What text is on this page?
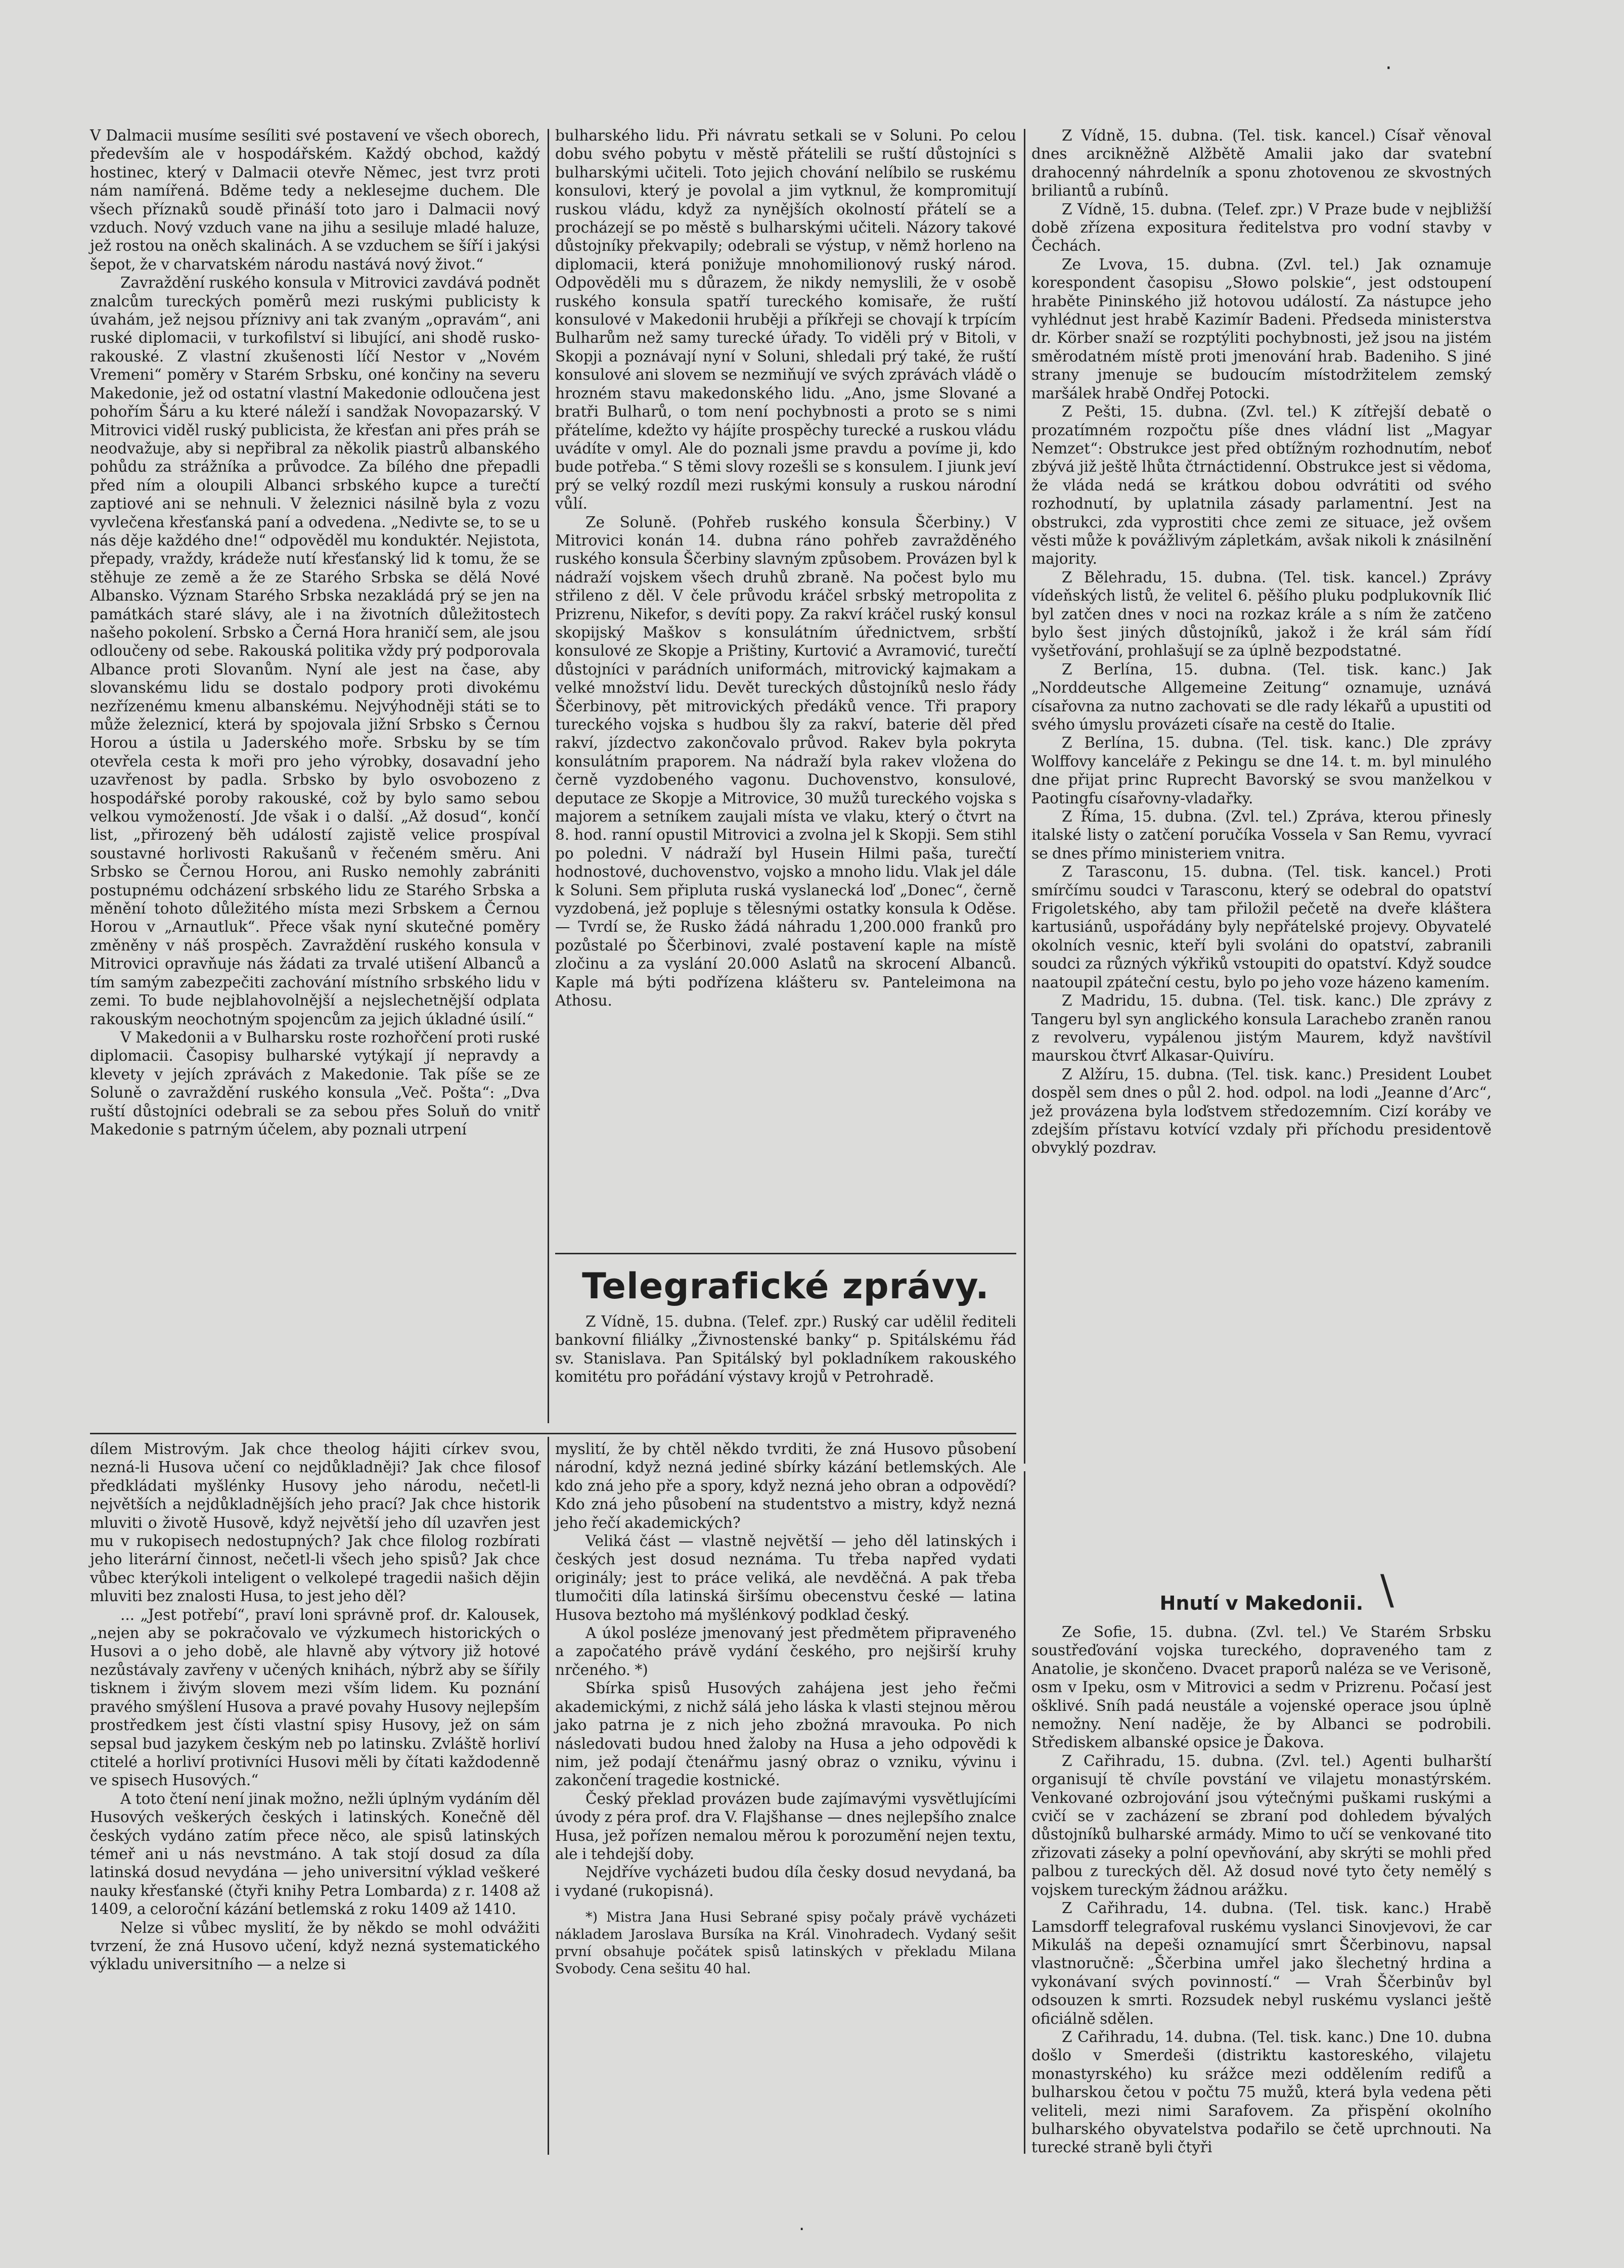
·

V Dalmacii musíme sesíliti své postavení ve všech oborech, především ale v hospodářském. Každý obchod, každý hostinec, který v Dalmacii otevře Němec, jest tvrz proti nám namířená. Bděme tedy a neklesejme duchem. Dle všech příznaků soudě přináší toto jaro i Dalmacii nový vzduch. Nový vzduch vane na jihu a sesiluje mladé haluze, jež rostou na oněch skalinách. A se vzduchem se šíří i jakýsi šepot, že v charvatském národu nastává nový život.“

Zavraždění ruského konsula v Mitrovici zavdává podnět znalcům tureckých poměrů mezi ruskými publicisty k úvahám, jež nejsou příznivy ani tak zvaným „opravám“, ani ruské diplomacii, v turkofilství si libující, ani shodě rusko-rakouské. Z vlastní zkušenosti líčí Nestor v „Novém Vremeni“ poměry v Starém Srbsku, oné končiny na severu Makedonie, jež od ostatní vlastní Makedonie odloučena jest pohořím Šáru a ku které náleží i sandžak Novopazarský. V Mitrovici viděl ruský publicista, že křesťan ani přes práh se neodvažuje, aby si nepřibral za několik piastrů albanského pohůdu za strážníka a průvodce. Za bílého dne přepadli před ním a oloupili Albanci srbského kupce a turečtí zaptiové ani se nehnuli. V železnici násilně byla z vozu vyvlečena křesťanská paní a odvedena. „Nedivte se, to se u nás děje každého dne!“ odpověděl mu konduktér. Nejistota, přepady, vraždy, krádeže nutí křesťanský lid k tomu, že se stěhuje ze země a že ze Starého Srbska se dělá Nové Albansko. Význam Starého Srbska nezakládá prý se jen na památkách staré slávy, ale i na životních důležitostech našeho pokolení. Srbsko a Černá Hora hraničí sem, ale jsou odloučeny od sebe. Rakouská politika vždy prý podporovala Albance proti Slovanům. Nyní ale jest na čase, aby slovanskému lidu se dostalo podpory proti divokému nezřízenému kmenu albanskému. Nejvýhodněji státi se to může železnicí, která by spojovala jižní Srbsko s Černou Horou a ústila u Jaderského moře. Srbsku by se tím otevřela cesta k moři pro jeho výrobky, dosavadní jeho uzavřenost by padla. Srbsko by bylo osvobozeno z hospodářské poroby rakouské, což by bylo samo sebou velkou vymožeností. Jde však i o další. „Až dosud“, končí list, „přirozený běh událostí zajistě velice prospíval soustavné horlivosti Rakušanů v řečeném směru. Ani Srbsko se Černou Horou, ani Rusko nemohly zabrániti postupnému odcházení srbského lidu ze Starého Srbska a měnění tohoto důležitého místa mezi Srbskem a Černou Horou v „Arnautluk“. Přece však nyní skutečné poměry změněny v náš prospěch. Zavraždění ruského konsula v Mitrovici opravňuje nás žádati za trvalé utišení Albanců a tím samým zabezpečiti zachování místního srbského lidu v zemi. To bude nejblahovolnější a nejslechetnější odplata rakouským neochotným spojencům za jejich úkladné úsilí.“

V Makedonii a v Bulharsku roste rozhořčení proti ruské diplomacii. Časopisy bulharské vytýkají jí nepravdy a klevety v jejích zprávách z Makedonie. Tak píše se ze Soluně o zavraždění ruského konsula „Več. Pošta“: „Dva ruští důstojníci odebrali se za sebou přes Soluň do vnitř Makedonie s patrným účelem, aby poznali utrpení

bulharského lidu. Při návratu setkali se v Soluni. Po celou dobu svého pobytu v městě přátelili se ruští důstojníci s bulharskými učiteli. Toto jejich chování nelíbilo se ruskému konsulovi, který je povolal a jim vytknul, že kompromitují ruskou vládu, když za nynějších okolností přátelí se a procházejí se po městě s bulharskými učiteli. Názory takové důstojníky překvapily; odebrali se výstup, v němž horleno na diplomacii, která ponižuje mnohomilionový ruský národ. Odpověděli mu s důrazem, že nikdy nemyslili, že v osobě ruského konsula spatří tureckého komisaře, že ruští konsulové v Makedonii hruběji a příkřeji se chovají k trpícím Bulharům než samy turecké úřady. To viděli prý v Bitoli, v Skopji a poznávají nyní v Soluni, shledali prý také, že ruští konsulové ani slovem se nezmiňují ve svých zprávách vládě o hrozném stavu makedonského lidu. „Ano, jsme Slované a bratři Bulharů, o tom není pochybnosti a proto se s nimi přátelíme, kdežto vy hájíte prospěchy turecké a ruskou vládu uvádíte v omyl. Ale do poznali jsme pravdu a povíme ji, kdo bude potřeba.“ S těmi slovy rozešli se s konsulem. I jiunk jeví prý se velký rozdíl mezi ruskými konsuly a ruskou národní vůlí.

Ze Soluně. (Pohřeb ruského konsula Ščerbiny.) V Mitrovici konán 14. dubna ráno pohřeb zavražděného ruského konsula Ščerbiny slavným způsobem. Provázen byl k nádraží vojskem všech druhů zbraně. Na počest bylo mu střileno z děl. V čele průvodu kráčel srbský metropolita z Prizrenu, Nikefor, s devíti popy. Za rakví kráčel ruský konsul skopijský Maškov s konsulátním úřednictvem, srbští konsulové ze Skopje a Prištiny, Kurtović a Avramović, turečtí důstojníci v parádních uniformách, mitrovický kajmakam a velké množství lidu. Devět tureckých důstojníků neslo řády Ščerbinovy, pět mitrovických předáků vence. Tři prapory tureckého vojska s hudbou šly za rakví, baterie děl před rakví, jízdectvo zakončovalo průvod. Rakev byla pokryta konsulátním praporem. Na nádraží byla rakev vložena do černě vyzdobeného vagonu. Duchovenstvo, konsulové, deputace ze Skopje a Mitrovice, 30 mužů tureckého vojska s majorem a setníkem zaujali místa ve vlaku, který o čtvrt na 8. hod. ranní opustil Mitrovici a zvolna jel k Skopji. Sem stihl po poledni. V nádraží byl Husein Hilmi paša, turečtí hodnostové, duchovenstvo, vojsko a mnoho lidu. Vlak jel dále k Soluni. Sem připluta ruská vyslanecká loď „Donec“, černě vyzdobená, jež popluje s tělesnými ostatky konsula k Oděse. — Tvrdí se, že Rusko žádá náhradu 1,200.000 franků pro pozůstalé po Ščerbinovi, zvalé postavení kaple na místě zločinu a za vyslání 20.000 Aslatů na skrocení Albanců. Kaple má býti podřízena klášteru sv. Panteleimona na Athosu.

Telegrafické zprávy.

Z Vídně, 15. dubna. (Telef. zpr.) Ruský car udělil řediteli bankovní filiálky „Živnostenské banky“ p. Spitálskému řád sv. Stanislava. Pan Spitálský byl pokladníkem rakouského komitétu pro pořádání výstavy krojů v Petrohradě.

Z Vídně, 15. dubna. (Tel. tisk. kancel.) Císař věnoval dnes arcikněžně Alžbětě Amalii jako dar svatební drahocenný náhrdelník a sponu zhotovenou ze skvostných briliantů a rubínů.

Z Vídně, 15. dubna. (Telef. zpr.) V Praze bude v nejbližší době zřízena expositura ředitelstva pro vodní stavby v Čechách.

Ze Lvova, 15. dubna. (Zvl. tel.) Jak oznamuje korespondent časopisu „Słowo polskie“, jest odstoupení hraběte Pininského již hotovou událostí. Za nástupce jeho vyhlédnut jest hrabě Kazimír Badeni. Předseda ministerstva dr. Körber snaží se rozptýliti pochybnosti, jež jsou na jistém směrodatném místě proti jmenování hrab. Badeniho. S jiné strany jmenuje se budoucím místodržitelem zemský maršálek hrabě Ondřej Potocki.

Z Pešti, 15. dubna. (Zvl. tel.) K zítřejší debatě o prozatímném rozpočtu píše dnes vládní list „Magyar Nemzet“: Obstrukce jest před obtížným rozhodnutím, neboť zbývá již ještě lhůta čtrnáctidenní. Obstrukce jest si vědoma, že vláda nedá se krátkou dobou odvrátiti od svého rozhodnutí, by uplatnila zásady parlamentní. Jest na obstrukci, zda vyprostiti chce zemi ze situace, jež ovšem věsti může k povážlivým zápletkám, avšak nikoli k znásilnění majority.

Z Bělehradu, 15. dubna. (Tel. tisk. kancel.) Zprávy vídeňských listů, že velitel 6. pěšího pluku podplukovník Ilić byl zatčen dnes v noci na rozkaz krále a s ním že zatčeno bylo šest jiných důstojníků, jakož i že král sám řídí vyšetřování, prohlašují se za úplně bezpodstatné.

Z Berlína, 15. dubna. (Tel. tisk. kanc.) Jak „Norddeutsche Allgemeine Zeitung“ oznamuje, uznává císařovna za nutno zachovati se dle rady lékařů a upustiti od svého úmyslu provázeti císaře na cestě do Italie.

Z Berlína, 15. dubna. (Tel. tisk. kanc.) Dle zprávy Wolffovy kanceláře z Pekingu se dne 14. t. m. byl minulého dne přijat princ Ruprecht Bavorský se svou manželkou v Paotingfu císařovny-vladařky.

Z Říma, 15. dubna. (Zvl. tel.) Zpráva, kterou přinesly italské listy o zatčení poručíka Vossela v San Remu, vyvrací se dnes přímo ministeriem vnitra.

Z Tarasconu, 15. dubna. (Tel. tisk. kancel.) Proti smírčímu soudci v Tarasconu, který se odebral do opatství Frigoletského, aby tam přiložil pečetě na dveře kláštera kartusiánů, uspořádány byly nepřátelské projevy. Obyvatelé okolních vesnic, kteří byli svoláni do opatství, zabranili soudci za různých výkřiků vstoupiti do opatství. Když soudce naatoupil zpáteční cestu, bylo po jeho voze házeno kamením.

Z Madridu, 15. dubna. (Tel. tisk. kanc.) Dle zprávy z Tangeru byl syn anglického konsula Larachebo zraněn ranou z revolveru, vypálenou jistým Maurem, když navštívil maurskou čtvrť Alkasar-Quivíru.

Z Alžíru, 15. dubna. (Tel. tisk. kanc.) President Loubet dospěl sem dnes o půl 2. hod. odpol. na lodi „Jeanne d’Arc“, jež provázena byla loďstvem středozemním. Cizí koráby ve zdejším přístavu kotvící vzdaly při příchodu presidentově obvyklý pozdrav.

Hnutí v Makedonii. \

Ze Sofie, 15. dubna. (Zvl. tel.) Ve Starém Srbsku soustřeďování vojska tureckého, dopraveného tam z Anatolie, je skončeno. Dvacet praporů naléza se ve Verisoně, osm v Ipeku, osm v Mitrovici a sedm v Prizrenu. Počasí jest ošklivé. Sníh padá neustále a vojenské operace jsou úplně nemožny. Není naděje, že by Albanci se podrobili. Střediskem albanské opsice je Ďakova.

Z Cařihradu, 15. dubna. (Zvl. tel.) Agenti bulharští organisují tě chvíle povstání ve vilajetu monastýrském. Venkované ozbrojování jsou výtečnými puškami ruskými a cvičí se v zacházení se zbraní pod dohledem bývalých důstojníků bulharské armády. Mimo to učí se venkované tito zřizovati záseky a polní opevňování, aby skrýti se mohli před palbou z tureckých děl. Až dosud nové tyto čety nemělý s vojskem tureckým žádnou arážku.

Z Cařihradu, 14. dubna. (Tel. tisk. kanc.) Hrabě Lamsdorff telegrafoval ruskému vyslanci Sinovjevovi, že car Mikuláš na depeši oznamující smrt Ščerbinovu, napsal vlastnoručně: „Ščerbina umřel jako šlechetný hrdina a vykonávaní svých povinností.“ — Vrah Ščerbinův byl odsouzen k smrti. Rozsudek nebyl ruskému vyslanci ještě oficiálně sdělen.

Z Cařihradu, 14. dubna. (Tel. tisk. kanc.) Dne 10. dubna došlo v Smerdeši (distriktu kastoreského, vilajetu monastyrského) ku srážce mezi oddělením redifů a bulharskou četou v počtu 75 mužů, která byla vedena pěti veliteli, mezi nimi Sarafovem. Za přispění okolního bulharského obyvatelstva podařilo se četě uprchnouti. Na turecké straně byli čtyři

dílem Mistrovým. Jak chce theolog hájiti církev svou, nezná-li Husova učení co nejdůkladněji? Jak chce filosof předkládati myšlénky Husovy jeho národu, nečetl-li největších a nejdůkladnějších jeho prací? Jak chce historik mluviti o životě Husově, když největší jeho díl uzavřen jest mu v rukopisech nedostupných? Jak chce filolog rozbírati jeho literární činnost, nečetl-li všech jeho spisů? Jak chce vůbec kterýkoli inteligent o velkolepé tragedii našich dějin mluviti bez znalosti Husa, to jest jeho děl?

... „Jest potřebí“, praví loni správně prof. dr. Kalousek, „nejen aby se pokračovalo ve výzkumech historických o Husovi a o jeho době, ale hlavně aby výtvory již hotové nezůstávaly zavřeny v učených knihách, nýbrž aby se šířily tisknem i živým slovem mezi vším lidem. Ku poznání pravého smýšlení Husova a pravé povahy Husovy nejlepším prostředkem jest čísti vlastní spisy Husovy, jež on sám sepsal bud jazykem českým neb po latinsku. Zvláště horliví ctitelé a horliví protivníci Husovi měli by čítati každodenně ve spisech Husových.“

A toto čtení není jinak možno, nežli úplným vydáním děl Husových veškerých českých i latinských. Konečně děl českých vydáno zatím přece něco, ale spisů latinských témeř ani u nás nevstmáno. A tak stojí dosud za díla latinská dosud nevydána — jeho universitní výklad veškeré nauky křesťanské (čtyři knihy Petra Lombarda) z r. 1408 až 1409, a celoroční kázání betlemská z roku 1409 až 1410.

Nelze si vůbec myslití, že by někdo se mohl odvážiti tvrzení, že zná Husovo učení, když nezná systematického výkladu universitního — a nelze si

myslití, že by chtěl někdo tvrditi, že zná Husovo působení národní, když nezná jediné sbírky kázání betlemských. Ale kdo zná jeho pře a spory, když nezná jeho obran a odpovědí? Kdo zná jeho působení na studentstvo a mistry, když nezná jeho řečí akademických?

Veliká část — vlastně největší — jeho děl latinských i českých jest dosud neznáma. Tu třeba napřed vydati originály; jest to práce veliká, ale nevděčná. A pak třeba tlumočiti díla latinská širšímu obecenstvu české — latina Husova beztoho má myšlénkový podklad český.

A úkol posléze jmenovaný jest předmětem připraveného a započatého právě vydání českého, pro nejširší kruhy nrčeného. *)

Sbírka spisů Husových zahájena jest jeho řečmi akademickými, z nichž sálá jeho láska k vlasti stejnou měrou jako patrna je z nich jeho zbožná mravouka. Po nich následovati budou hned žaloby na Husa a jeho odpovědi k nim, jež podají čtenářmu jasný obraz o vzniku, vývinu i zakončení tragedie kostnické.

Český překlad provázen bude zajímavými vysvětlujícími úvody z péra prof. dra V. Flajšhanse — dnes nejlepšího znalce Husa, jež pořízen nemalou měrou k porozumění nejen textu, ale i tehdejší doby.

Nejdříve vycházeti budou díla česky dosud nevydaná, ba i vydané (rukopisná).

*) Mistra Jana Husi Sebrané spisy počaly právě vycházeti nákladem Jaroslava Bursíka na Král. Vinohradech. Vydaný sešit první obsahuje počátek spisů latinských v překladu Milana Svobody. Cena sešitu 40 hal.

·
